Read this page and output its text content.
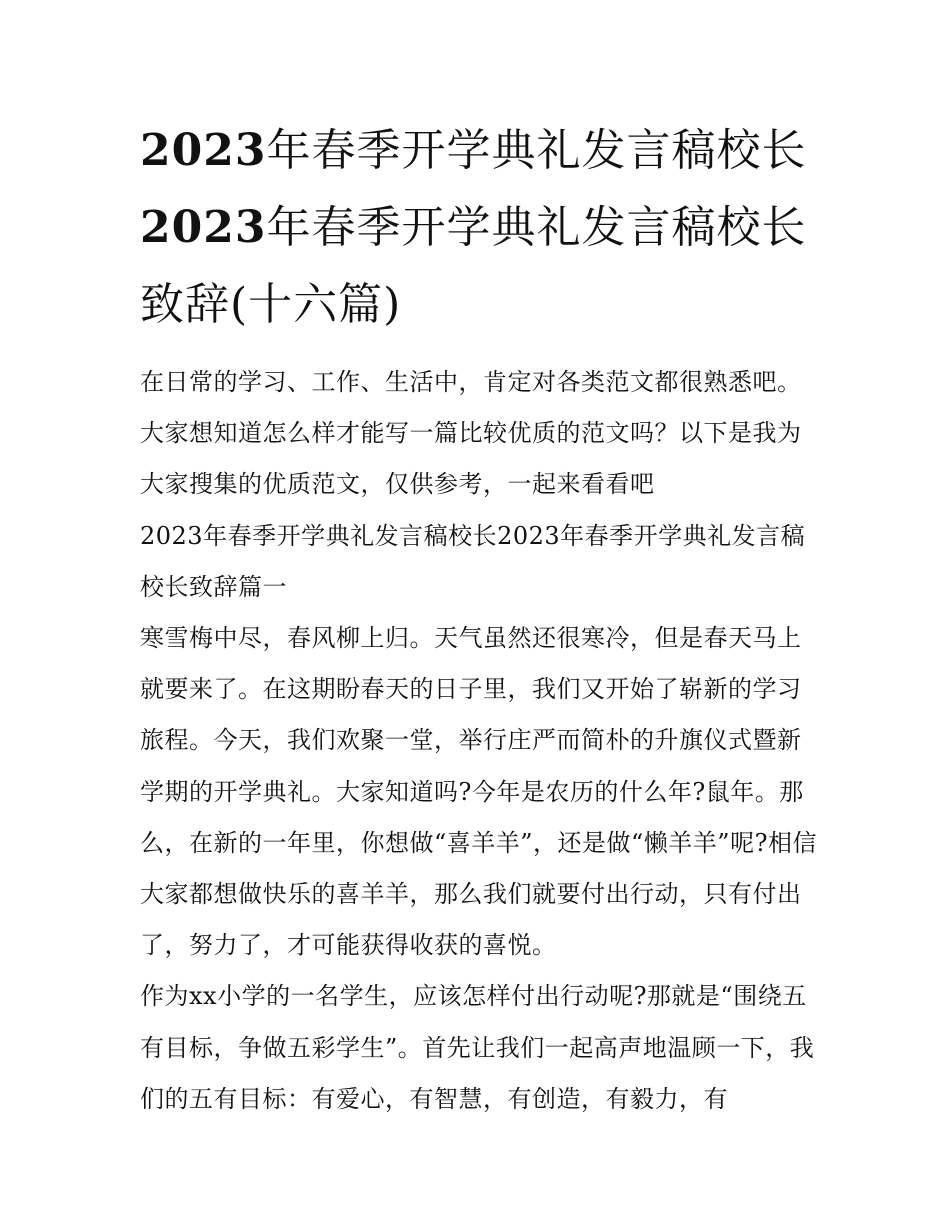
2023年春季开学典礼发言稿校长2023年春季开学典礼发言稿校长致辞(十六篇)

在日常的学习、工作、生活中，肯定对各类范文都很熟悉吧。大家想知道怎么样才能写一篇比较优质的范文吗？以下是我为大家搜集的优质范文，仅供参考，一起来看看吧

2023年春季开学典礼发言稿校长2023年春季开学典礼发言稿校长致辞篇一

寒雪梅中尽，春风柳上归。天气虽然还很寒冷，但是春天马上就要来了。在这期盼春天的日子里，我们又开始了崭新的学习旅程。今天，我们欢聚一堂，举行庄严而简朴的升旗仪式暨新学期的开学典礼。大家知道吗?今年是农历的什么年?鼠年。那么，在新的一年里，你想做“喜羊羊”，还是做“懒羊羊”呢?相信大家都想做快乐的喜羊羊，那么我们就要付出行动，只有付出了，努力了，才可能获得收获的喜悦。

作为xx小学的一名学生，应该怎样付出行动呢?那就是“围绕五有目标，争做五彩学生”。首先让我们一起高声地温顾一下，我们的五有目标：有爱心，有智慧，有创造，有毅力，有
